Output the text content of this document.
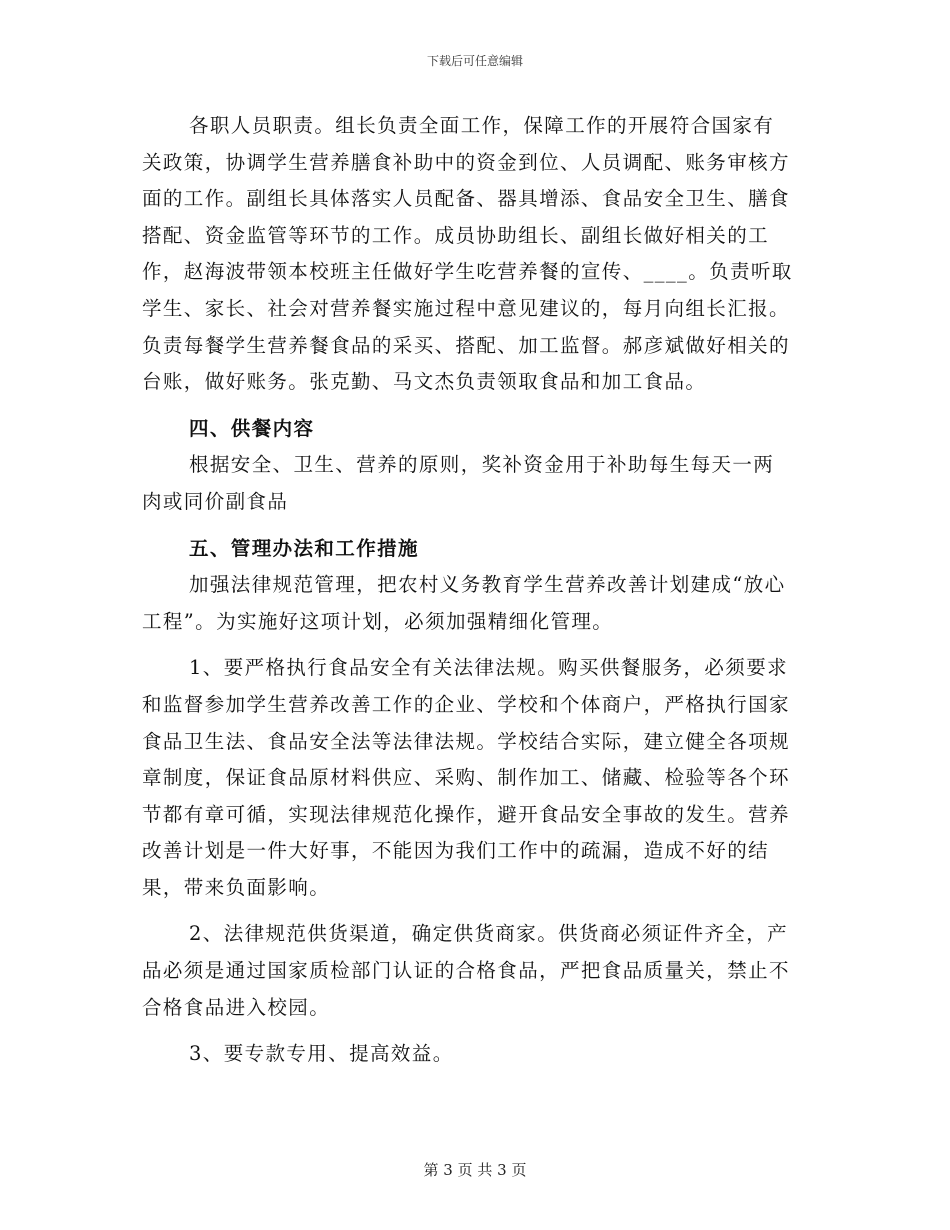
下载后可任意编辑

各职人员职责。组长负责全面工作，保障工作的开展符合国家有关政策，协调学生营养膳食补助中的资金到位、人员调配、账务审核方面的工作。副组长具体落实人员配备、器具增添、食品安全卫生、膳食搭配、资金监管等环节的工作。成员协助组长、副组长做好相关的工作，赵海波带领本校班主任做好学生吃营养餐的宣传、____。负责听取学生、家长、社会对营养餐实施过程中意见建议的，每月向组长汇报。负责每餐学生营养餐食品的采买、搭配、加工监督。郝彦斌做好相关的台账，做好账务。张克勤、马文杰负责领取食品和加工食品。

四、供餐内容

根据安全、卫生、营养的原则，奖补资金用于补助每生每天一两肉或同价副食品

五、管理办法和工作措施

加强法律规范管理，把农村义务教育学生营养改善计划建成“放心工程”。为实施好这项计划，必须加强精细化管理。

1、要严格执行食品安全有关法律法规。购买供餐服务，必须要求和监督参加学生营养改善工作的企业、学校和个体商户，严格执行国家食品卫生法、食品安全法等法律法规。学校结合实际，建立健全各项规章制度，保证食品原材料供应、采购、制作加工、储藏、检验等各个环节都有章可循，实现法律规范化操作，避开食品安全事故的发生。营养改善计划是一件大好事，不能因为我们工作中的疏漏，造成不好的结果，带来负面影响。

2、法律规范供货渠道，确定供货商家。供货商必须证件齐全，产品必须是通过国家质检部门认证的合格食品，严把食品质量关，禁止不合格食品进入校园。

3、要专款专用、提高效益。

第 3 页 共 3 页
